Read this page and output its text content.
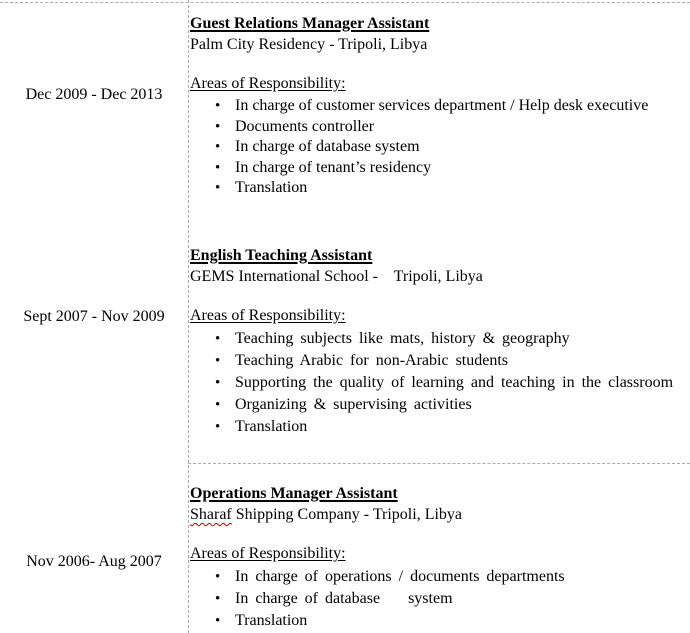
Dec 2009 - Dec 2013
Sept 2007 - Nov 2009
Nov 2006- Aug 2007
Guest Relations Manager Assistant
Palm City Residency - Tripoli, Libya
Areas of Responsibility:
• In charge of customer services department / Help desk executive
• Documents controller
• In charge of database system
• In charge of tenant’s residency
• Translation
English Teaching Assistant
GEMS International School -    Tripoli, Libya
Areas of Responsibility:
• Teaching subjects like mats, history & geography
• Teaching Arabic for non-Arabic students
• Supporting the quality of learning and teaching in the classroom
• Organizing & supervising activities
• Translation
Operations Manager Assistant
Sharaf Shipping Company - Tripoli, Libya
Areas of Responsibility:
• In charge of operations / documents departments
• In charge of database    system
• Translation
